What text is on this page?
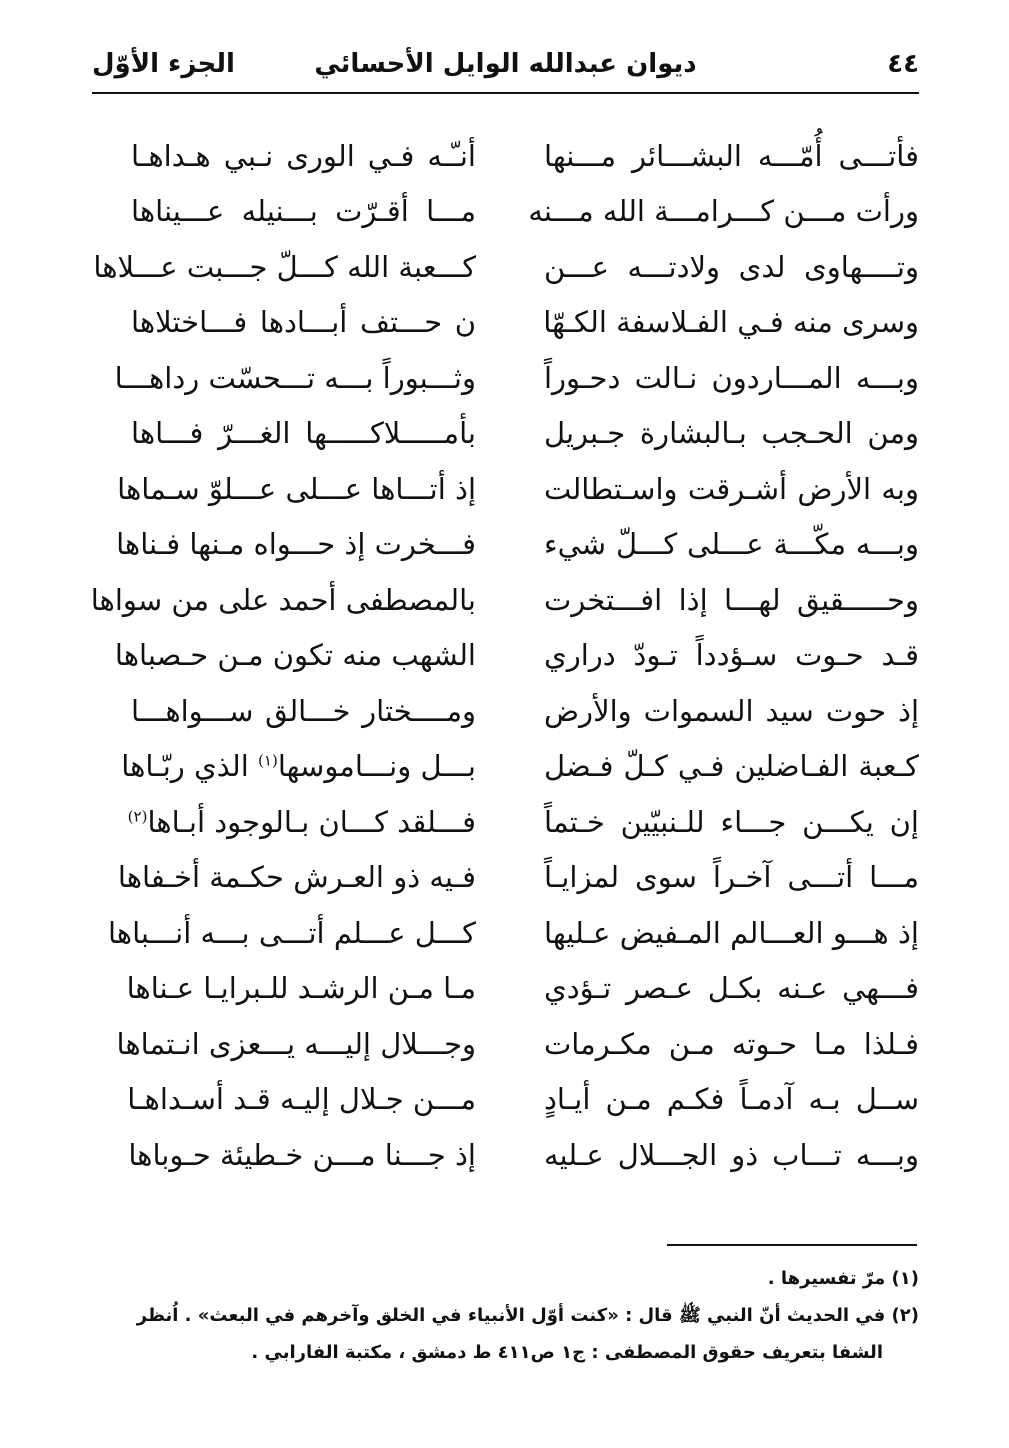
٤٤
ديوان عبدالله الوايل الأحسائي
الجزء الأوّل
فأتـــى أُمّـــه البشـــائر مـــنها
أنـّـه فـي الورى نـبي هـداهـا
ورأت مـــن كـــرامـــة الله مـــنه
مـــا أقـرّت بـــنيله عـــيناها
وتــــهاوى لدى ولادتـــه عـــن
كـــعبة الله كـــلّ جـــبت عـــلاها
وسرى منه فـي الفـلاسفة الكـهّا
ن حـــتف أبـــادها فـــاختلاها
وبـــه المـــاردون نـالت دحـوراً
وثـــبوراً بـــه تـــحسّت رداهـــا
ومن الحـجب بـالبشارة جـبريل
بأمـــــلاكـــــها الغـــرّ فـــاها
وبه الأرض أشـرقت واسـتطالت
إذ أتـــاها عـــلى عـــلوّ سـماها
وبـــه مكّـــة عـــلى كـــلّ شيء
فـــخرت إذ حـــواه مـنها فـناها
وحـــــقيق لهـــا إذا افـــتخرت
بالمصطفى أحمد على من سواها
قـد حـوت سـؤدداً تـودّ دراري
الشهب منه تكون مـن حـصباها
إذ حوت سيد السموات والأرض
ومــــختار خـــالق ســـواهـــا
كـعبة الفـاضلين فـي كـلّ فـضل
بـــل ونـــاموسها$^{(١)}$ الذي ربّـاها
إن يكـــن جـــاء للـنبيّين خـتماً
فـــلقد كـــان بـالوجود أبـاها$^{(٢)}$
مـــا أتـــى آخـراً سوى لمزايـاً
فـيه ذو العـرش حكـمة أخـفاها
إذ هـــو العـــالم المـفيض عـليها
كـــل عـــلم أتـــى بـــه أنـــباها
فـــهي عـنه بكـل عـصر تـؤدي
مـا مـن الرشـد للـبرايـا عـناها
فـلذا مـا حـوته مـن مكـرمات
وجـــلال إليـــه يـــعزى انـتماها
ســل بـه آدمـاً فكـم مـن أيـادٍ
مـــن جـلال إليـه قـد أسـداهـا
وبـــه تـــاب ذو الجـــلال عـليه
إذ جـــنا مـــن خـطيئة حـوباها

(١) مرّ تفسيرها .

(٢) في الحديث أنّ النبي ﷺ قال : «كنت أوّل الأنبياء في الخلق وآخرهم في البعث» . اُنظر

الشفا بتعريف حقوق المصطفى : ج١ ص٤١١ ط دمشق ، مكتبة الفارابي .
